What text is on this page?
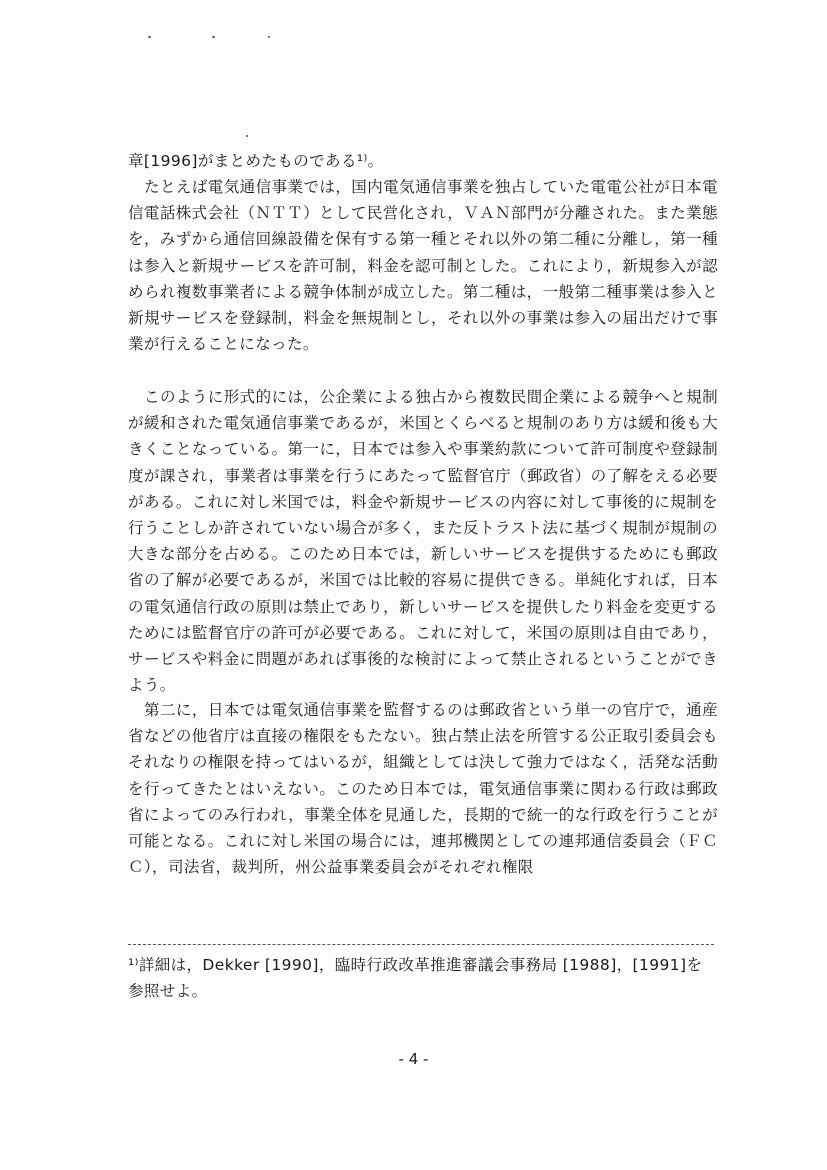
章[1996]がまとめたものである¹⁾。

たとえば電気通信事業では，国内電気通信事業を独占していた電電公社が日本電信電話株式会社（ＮＴＴ）として民営化され，ＶＡＮ部門が分離された。また業態を，みずから通信回線設備を保有する第一種とそれ以外の第二種に分離し，第一種は参入と新規サービスを許可制，料金を認可制とした。これにより，新規参入が認められ複数事業者による競争体制が成立した。第二種は，一般第二種事業は参入と新規サービスを登録制，料金を無規制とし，それ以外の事業は参入の届出だけで事業が行えることになった。

このように形式的には，公企業による独占から複数民間企業による競争へと規制が緩和された電気通信事業であるが，米国とくらべると規制のあり方は緩和後も大きくことなっている。第一に，日本では参入や事業約款について許可制度や登録制度が課され，事業者は事業を行うにあたって監督官庁（郵政省）の了解をえる必要がある。これに対し米国では，料金や新規サービスの内容に対して事後的に規制を行うことしか許されていない場合が多く，また反トラスト法に基づく規制が規制の大きな部分を占める。このため日本では，新しいサービスを提供するためにも郵政省の了解が必要であるが，米国では比較的容易に提供できる。単純化すれば，日本の電気通信行政の原則は禁止であり，新しいサービスを提供したり料金を変更するためには監督官庁の許可が必要である。これに対して，米国の原則は自由であり，サービスや料金に問題があれば事後的な検討によって禁止されるということができよう。

第二に，日本では電気通信事業を監督するのは郵政省という単一の官庁で，通産省などの他省庁は直接の権限をもたない。独占禁止法を所管する公正取引委員会もそれなりの権限を持ってはいるが，組織としては決して強力ではなく，活発な活動を行ってきたとはいえない。このため日本では，電気通信事業に関わる行政は郵政省によってのみ行われ，事業全体を見通した，長期的で統一的な行政を行うことが可能となる。これに対し米国の場合には，連邦機関としての連邦通信委員会（ＦＣＣ），司法省，裁判所，州公益事業委員会がそれぞれ権限

¹⁾詳細は，Dekker [1990]，臨時行政改革推進審議会事務局 [1988]，[1991]を参照せよ。

- 4 -
